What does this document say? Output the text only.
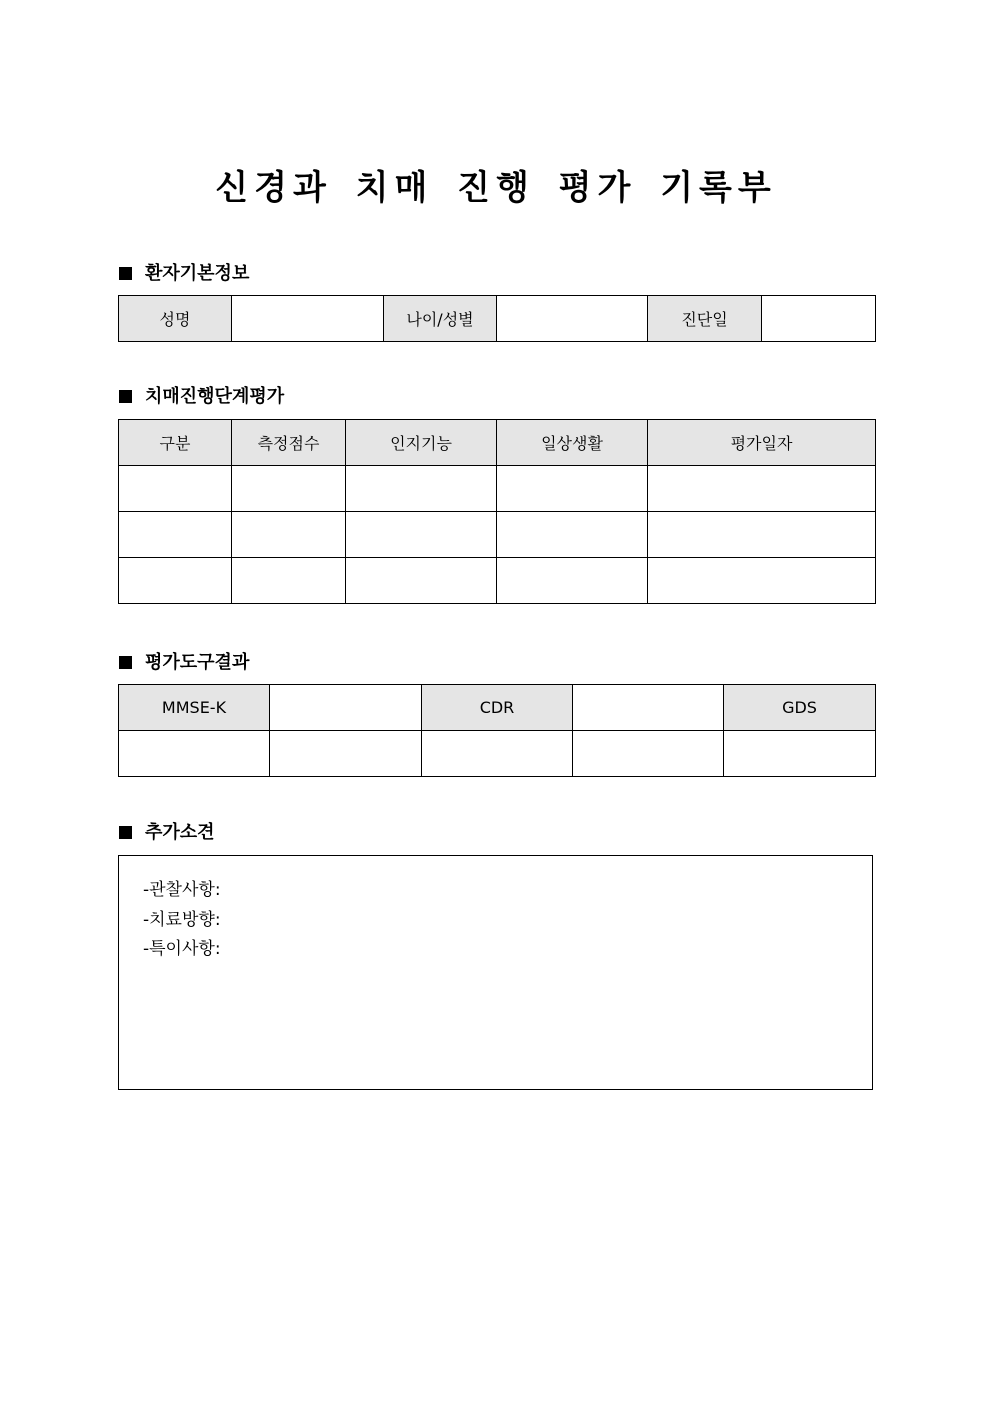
신경과 치매 진행 평가 기록부
환자기본정보
성명		나이/성별		진단일	
치매진행단계평가
구분	측정점수	인지기능	일상생활	평가일자

평가도구결과
MMSE-K		CDR		GDS

추가소견
-관찰사항:
-치료방향:
-특이사항:
